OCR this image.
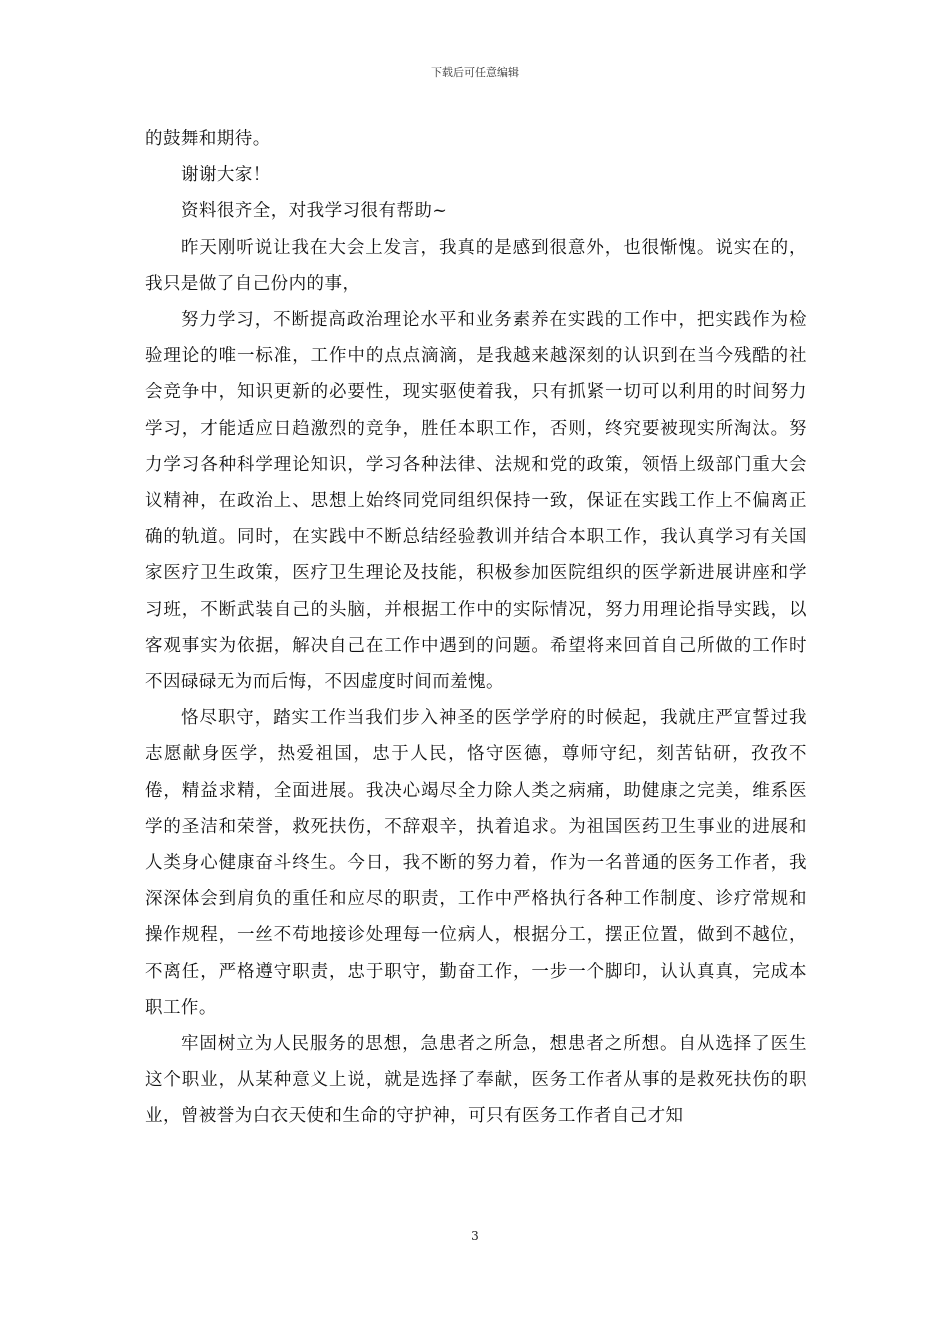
下载后可任意编辑

的鼓舞和期待。

谢谢大家！

资料很齐全，对我学习很有帮助~

昨天刚听说让我在大会上发言，我真的是感到很意外，也很惭愧。说实在的，我只是做了自己份内的事，

努力学习，不断提高政治理论水平和业务素养在实践的工作中，把实践作为检验理论的唯一标准，工作中的点点滴滴，是我越来越深刻的认识到在当今残酷的社会竞争中，知识更新的必要性，现实驱使着我，只有抓紧一切可以利用的时间努力学习，才能适应日趋激烈的竞争，胜任本职工作，否则，终究要被现实所淘汰。努力学习各种科学理论知识，学习各种法律、法规和党的政策，领悟上级部门重大会议精神，在政治上、思想上始终同党同组织保持一致，保证在实践工作上不偏离正确的轨道。同时，在实践中不断总结经验教训并结合本职工作，我认真学习有关国家医疗卫生政策，医疗卫生理论及技能，积极参加医院组织的医学新进展讲座和学习班，不断武装自己的头脑，并根据工作中的实际情况，努力用理论指导实践，以客观事实为依据，解决自己在工作中遇到的问题。希望将来回首自己所做的工作时不因碌碌无为而后悔，不因虚度时间而羞愧。

恪尽职守，踏实工作当我们步入神圣的医学学府的时候起，我就庄严宣誓过我志愿献身医学，热爱祖国，忠于人民，恪守医德，尊师守纪，刻苦钻研，孜孜不倦，精益求精，全面进展。我决心竭尽全力除人类之病痛，助健康之完美，维系医学的圣洁和荣誉，救死扶伤，不辞艰辛，执着追求。为祖国医药卫生事业的进展和人类身心健康奋斗终生。今日，我不断的努力着，作为一名普通的医务工作者，我深深体会到肩负的重任和应尽的职责，工作中严格执行各种工作制度、诊疗常规和操作规程，一丝不苟地接诊处理每一位病人，根据分工，摆正位置，做到不越位，不离任，严格遵守职责，忠于职守，勤奋工作，一步一个脚印，认认真真，完成本职工作。

牢固树立为人民服务的思想，急患者之所急，想患者之所想。自从选择了医生这个职业，从某种意义上说，就是选择了奉献，医务工作者从事的是救死扶伤的职业，曾被誉为白衣天使和生命的守护神，可只有医务工作者自己才知

3
